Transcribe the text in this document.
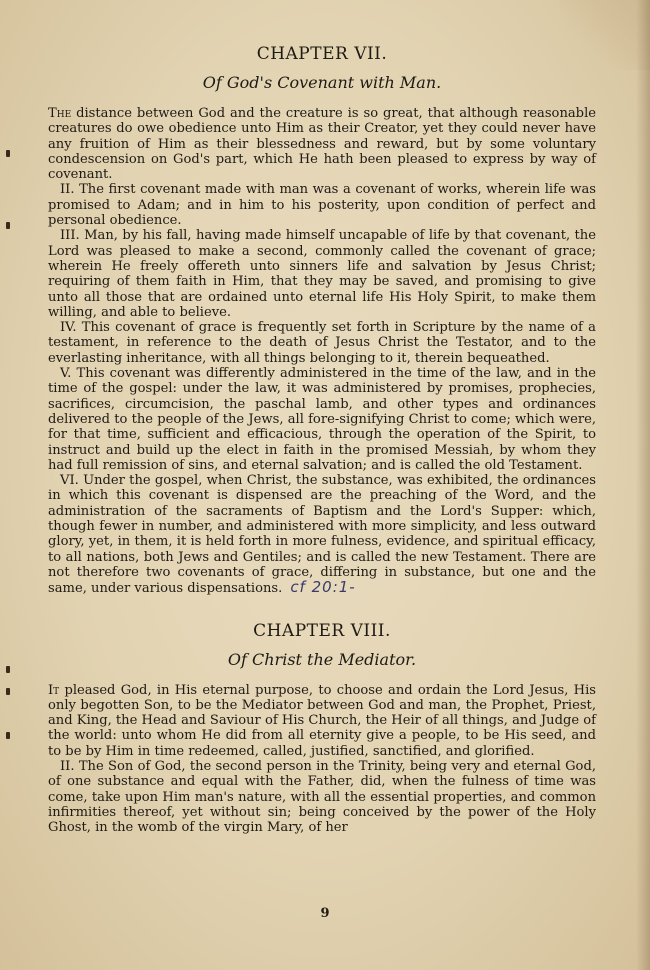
CHAPTER VII.
Of God's Covenant with Man.

The distance between God and the creature is so great, that although reasonable creatures do owe obedience unto Him as their Creator, yet they could never have any fruition of Him as their blessedness and reward, but by some voluntary condescension on God's part, which He hath been pleased to express by way of covenant.

II. The first covenant made with man was a covenant of works, wherein life was promised to Adam; and in him to his posterity, upon condition of perfect and personal obedience.

III. Man, by his fall, having made himself uncapable of life by that covenant, the Lord was pleased to make a second, commonly called the covenant of grace; wherein He freely offereth unto sinners life and salvation by Jesus Christ; requiring of them faith in Him, that they may be saved, and promising to give unto all those that are ordained unto eternal life His Holy Spirit, to make them willing, and able to believe.

IV. This covenant of grace is frequently set forth in Scripture by the name of a testament, in reference to the death of Jesus Christ the Testator, and to the everlasting inheritance, with all things belonging to it, therein bequeathed.

V. This covenant was differently administered in the time of the law, and in the time of the gospel: under the law, it was administered by promises, prophecies, sacrifices, circumcision, the paschal lamb, and other types and ordinances delivered to the people of the Jews, all fore-signifying Christ to come; which were, for that time, sufficient and efficacious, through the operation of the Spirit, to instruct and build up the elect in faith in the promised Messiah, by whom they had full remission of sins, and eternal salvation; and is called the old Testament.

VI. Under the gospel, when Christ, the substance, was exhibited, the ordinances in which this covenant is dispensed are the preaching of the Word, and the administration of the sacraments of Baptism and the Lord's Supper: which, though fewer in number, and administered with more simplicity, and less outward glory, yet, in them, it is held forth in more fulness, evidence, and spiritual efficacy, to all nations, both Jews and Gentiles; and is called the new Testament. There are not therefore two covenants of grace, differing in substance, but one and the same, under various dispensations. cf 20:1-

CHAPTER VIII.
Of Christ the Mediator.

It pleased God, in His eternal purpose, to choose and ordain the Lord Jesus, His only begotten Son, to be the Mediator between God and man, the Prophet, Priest, and King, the Head and Saviour of His Church, the Heir of all things, and Judge of the world: unto whom He did from all eternity give a people, to be His seed, and to be by Him in time redeemed, called, justified, sanctified, and glorified.

II. The Son of God, the second person in the Trinity, being very and eternal God, of one substance and equal with the Father, did, when the fulness of time was come, take upon Him man's nature, with all the essential properties, and common infirmities thereof, yet without sin; being conceived by the power of the Holy Ghost, in the womb of the virgin Mary, of her

9
